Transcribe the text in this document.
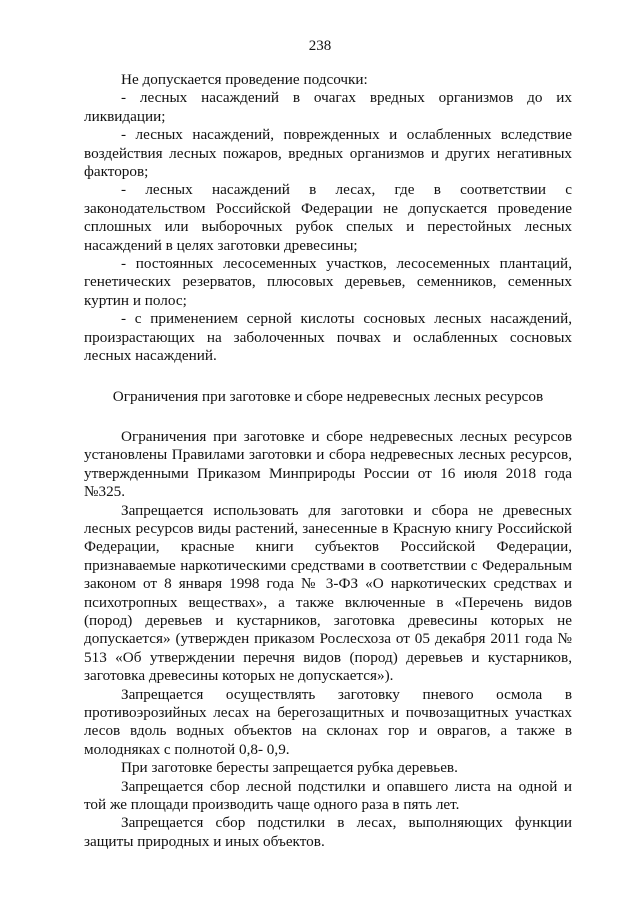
238

Не допускается проведение подсочки:

- лесных насаждений в очагах вредных организмов до их ликвидации;

- лесных насаждений, поврежденных и ослабленных вследствие воздействия лесных пожаров, вредных организмов и других негативных факторов;

- лесных насаждений в лесах, где в соответствии с законодательством Российской Федерации не допускается проведение сплошных или выборочных рубок спелых и перестойных лесных насаждений в целях заготовки древесины;

- постоянных лесосеменных участков, лесосеменных плантаций, генетических резерватов, плюсовых деревьев, семенников, семенных куртин и полос;

- с применением серной кислоты сосновых лесных насаждений, произрастающих на заболоченных почвах и ослабленных сосновых лесных насаждений.

Ограничения при заготовке и сборе недревесных лесных ресурсов

Ограничения при заготовке и сборе недревесных лесных ресурсов установлены Правилами заготовки и сбора недревесных лесных ресурсов, утвержденными Приказом Минприроды России от 16 июля 2018 года №325.

Запрещается использовать для заготовки и сбора не древесных лесных ресурсов виды растений, занесенные в Красную книгу Российской Федерации, красные книги субъектов Российской Федерации, признаваемые наркотическими средствами в соответствии с Федеральным законом от 8 января 1998 года № 3-ФЗ «О наркотических средствах и психотропных веществах», а также включенные в «Перечень видов (пород) деревьев и кустарников, заготовка древесины которых не допускается» (утвержден приказом Рослесхоза от 05 декабря 2011 года № 513 «Об утверждении перечня видов (пород) деревьев и кустарников, заготовка древесины которых не допускается»).

Запрещается осуществлять заготовку пневого осмола в противоэрозийных лесах на берегозащитных и почвозащитных участках лесов вдоль водных объектов на склонах гор и оврагов, а также в молодняках с полнотой 0,8- 0,9.

При заготовке бересты запрещается рубка деревьев.

Запрещается сбор лесной подстилки и опавшего листа на одной и той же площади производить чаще одного раза в пять лет.

Запрещается сбор подстилки в лесах, выполняющих функции защиты природных и иных объектов.
